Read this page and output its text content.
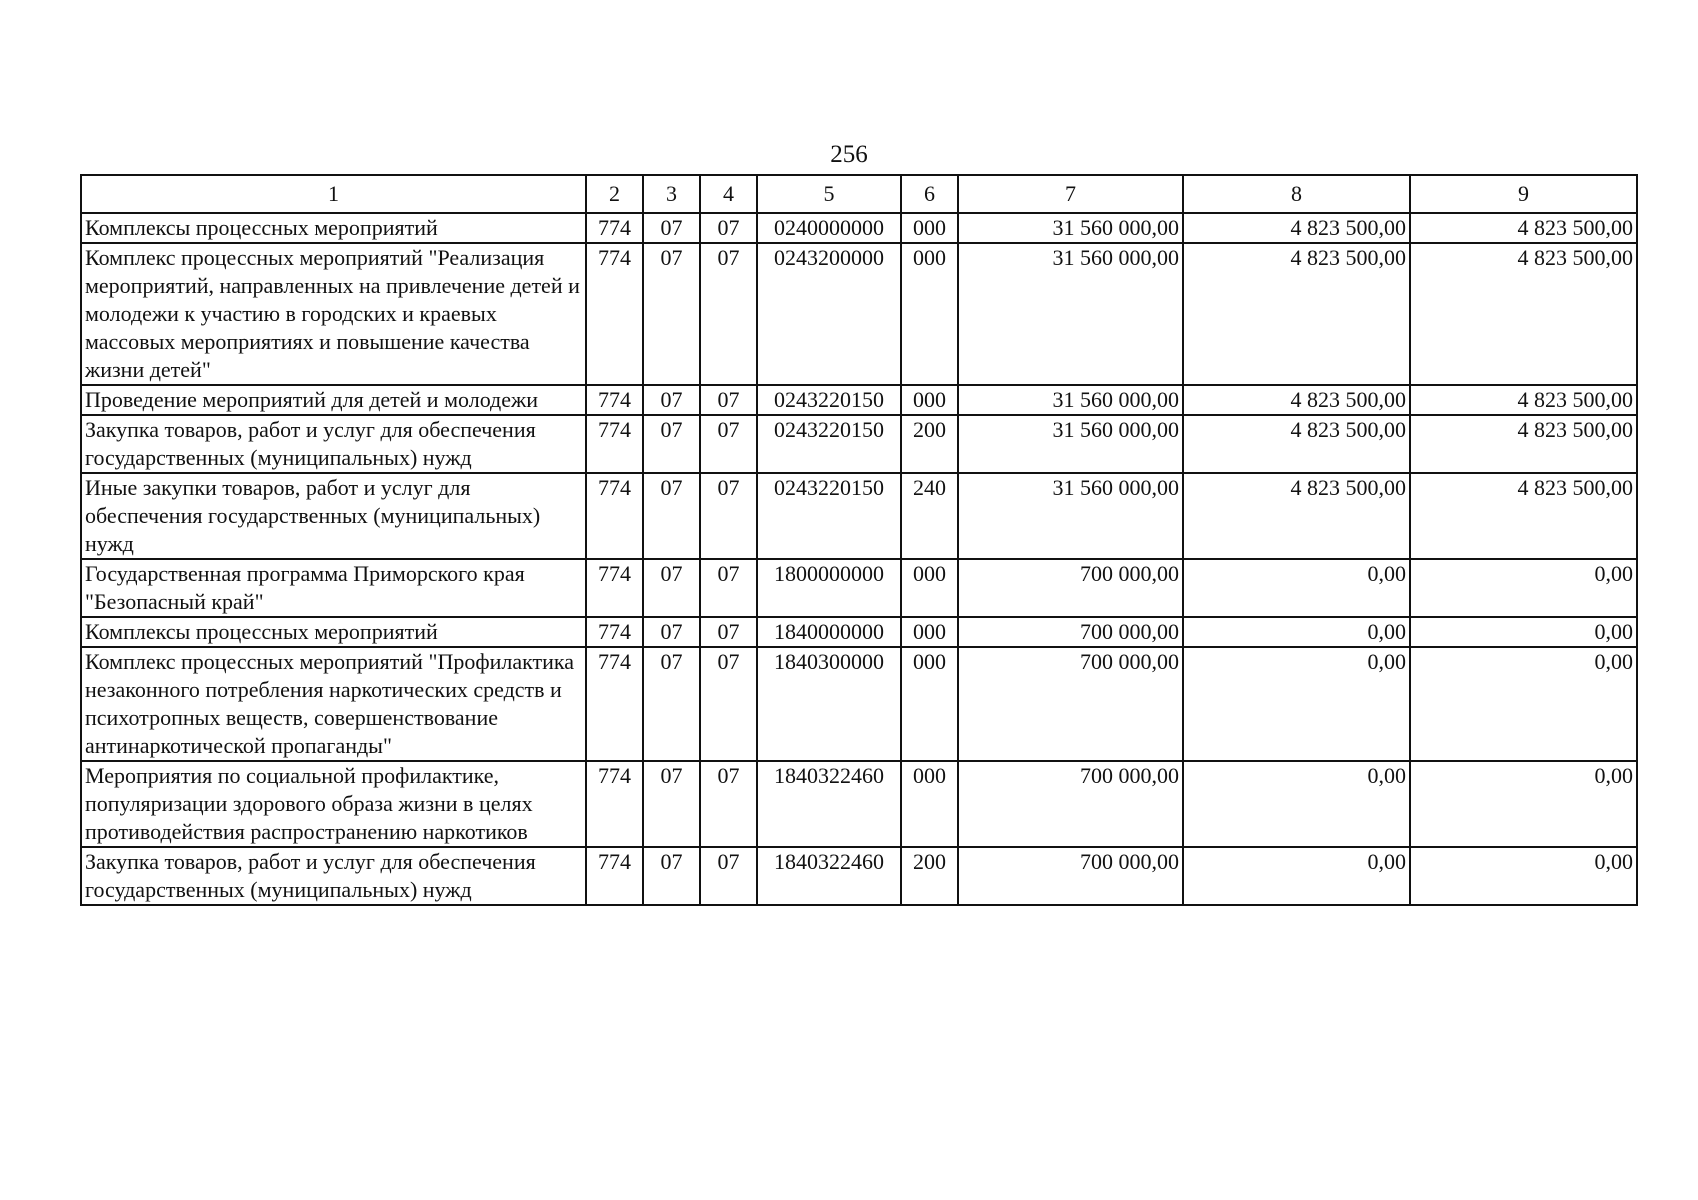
256
1	2	3	4	5	6	7	8	9
Комплексы процессных мероприятий	774	07	07	0240000000	000	31 560 000,00	4 823 500,00	4 823 500,00
Комплекс процессных мероприятий "Реализация мероприятий, направленных на привлечение детей и молодежи к участию в городских и краевых массовых мероприятиях и повышение качества жизни детей"	774	07	07	0243200000	000	31 560 000,00	4 823 500,00	4 823 500,00
Проведение мероприятий для детей и молодежи	774	07	07	0243220150	000	31 560 000,00	4 823 500,00	4 823 500,00
Закупка товаров, работ и услуг для обеспечения государственных (муниципальных) нужд	774	07	07	0243220150	200	31 560 000,00	4 823 500,00	4 823 500,00
Иные закупки товаров, работ и услуг для обеспечения государственных (муниципальных) нужд	774	07	07	0243220150	240	31 560 000,00	4 823 500,00	4 823 500,00
Государственная программа Приморского края "Безопасный край"	774	07	07	1800000000	000	700 000,00	0,00	0,00
Комплексы процессных мероприятий	774	07	07	1840000000	000	700 000,00	0,00	0,00
Комплекс процессных мероприятий "Профилактика незаконного потребления наркотических средств и психотропных веществ, совершенствование антинаркотической пропаганды"	774	07	07	1840300000	000	700 000,00	0,00	0,00
Мероприятия по социальной профилактике, популяризации здорового образа жизни в целях противодействия распространению наркотиков	774	07	07	1840322460	000	700 000,00	0,00	0,00
Закупка товаров, работ и услуг для обеспечения государственных (муниципальных) нужд	774	07	07	1840322460	200	700 000,00	0,00	0,00
